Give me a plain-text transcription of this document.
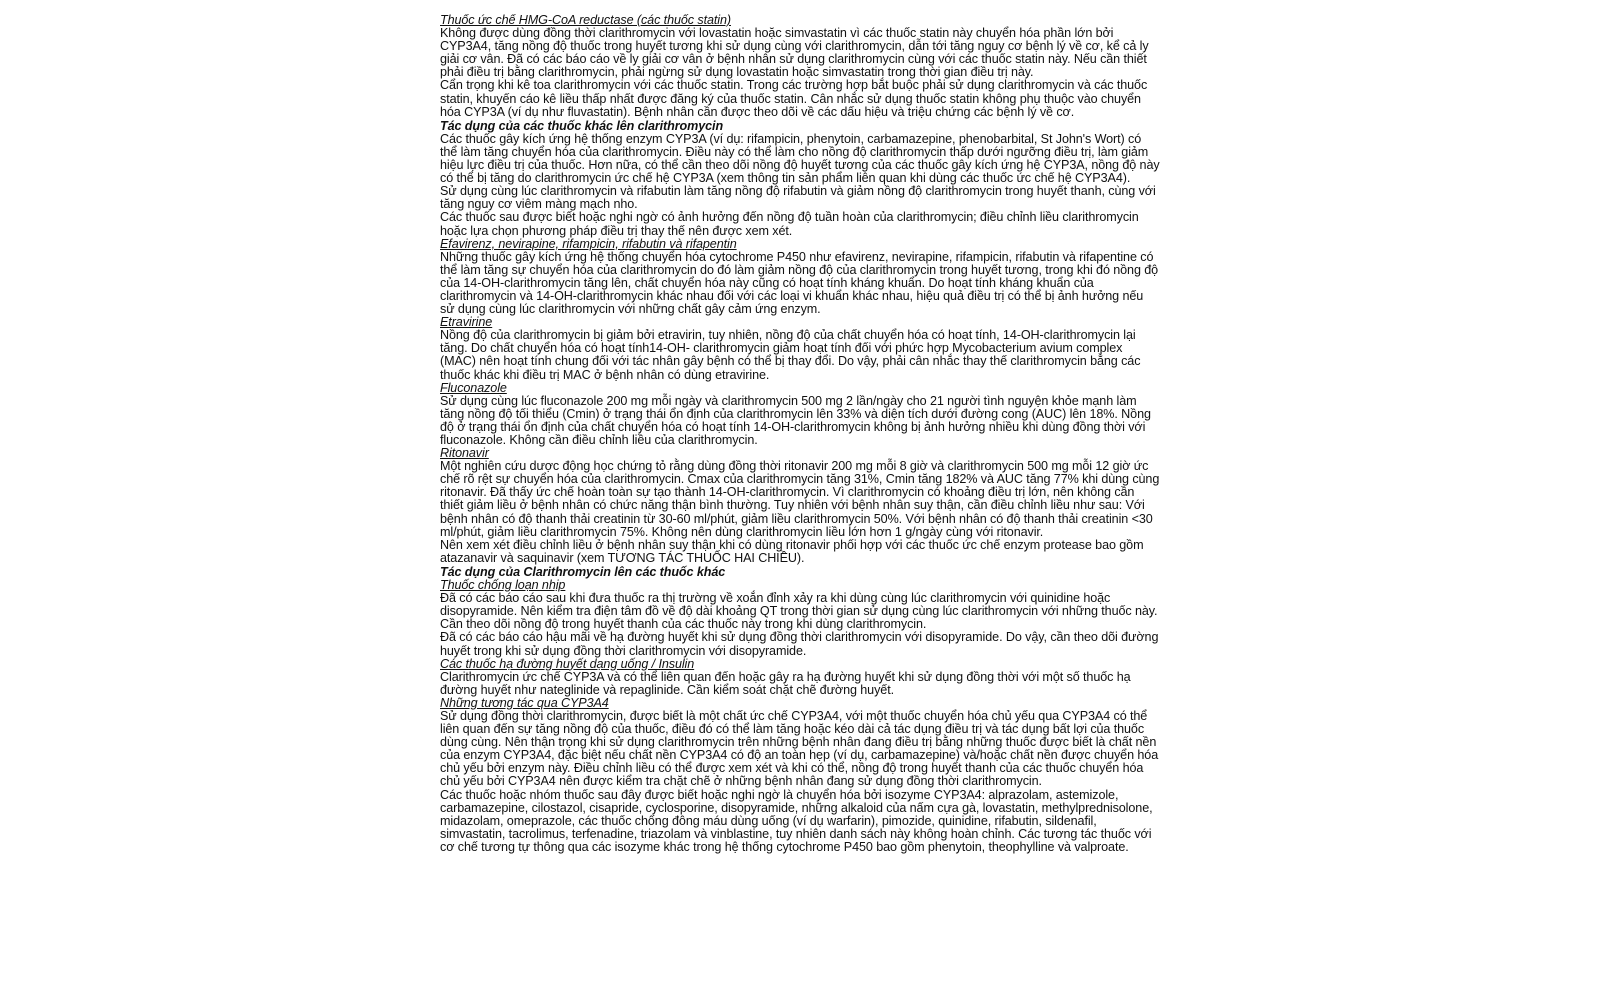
Thuốc ức chế HMG-CoA reductase (các thuốc statin)

Không được dùng đồng thời clarithromycin với lovastatin hoặc simvastatin vì các thuốc statin này chuyển hóa phần lớn bởi CYP3A4, tăng nồng độ thuốc trong huyết tương khi sử dụng cùng với clarithromycin, dẫn tới tăng nguy cơ bệnh lý về cơ, kể cả ly giải cơ vân. Đã có các báo cáo về ly giải cơ vân ở bệnh nhân sử dụng clarithromycin cùng với các thuốc statin này. Nếu cần thiết phải điều trị bằng clarithromycin, phải ngừng sử dụng lovastatin hoặc simvastatin trong thời gian điều trị này.

Cẩn trọng khi kê toa clarithromycin với các thuốc statin. Trong các trường hợp bắt buộc phải sử dụng clarithromycin và các thuốc statin, khuyến cáo kê liều thấp nhất được đăng ký của thuốc statin. Cân nhắc sử dụng thuốc statin không phụ thuộc vào chuyển hóa CYP3A (ví dụ như fluvastatin). Bệnh nhân cần được theo dõi về các dấu hiệu và triệu chứng các bệnh lý về cơ.

Tác dụng của các thuốc khác lên clarithromycin

Các thuốc gây kích ứng hệ thống enzym CYP3A (ví dụ: rifampicin, phenytoin, carbamazepine, phenobarbital, St John's Wort) có thể làm tăng chuyển hóa của clarithromycin. Điều này có thể làm cho nồng độ clarithromycin thấp dưới ngưỡng điều trị, làm giảm hiệu lực điều trị của thuốc. Hơn nữa, có thể cần theo dõi nồng độ huyết tương của các thuốc gây kích ứng hệ CYP3A, nồng độ này có thể bị tăng do clarithromycin ức chế hệ CYP3A (xem thông tin sản phẩm liên quan khi dùng các thuốc ức chế hệ CYP3A4).

Sử dụng cùng lúc clarithromycin và rifabutin làm tăng nồng độ rifabutin và giảm nồng độ clarithromycin trong huyết thanh, cùng với tăng nguy cơ viêm màng mạch nho.

Các thuốc sau được biết hoặc nghi ngờ có ảnh hưởng đến nồng độ tuần hoàn của clarithromycin; điều chỉnh liều clarithromycin hoặc lựa chọn phương pháp điều trị thay thế nên được xem xét.

Efavirenz, nevirapine, rifampicin, rifabutin và rifapentin

Những thuốc gây kích ứng hệ thống chuyển hóa cytochrome P450 như efavirenz, nevirapine, rifampicin, rifabutin và rifapentine có thể làm tăng sự chuyển hóa của clarithromycin do đó làm giảm nồng độ của clarithromycin trong huyết tương, trong khi đó nồng độ của 14-OH-clarithromycin tăng lên, chất chuyển hóa này cũng có hoạt tính kháng khuẩn. Do hoạt tính kháng khuẩn của clarithromycin và 14-OH-clarithromycin khác nhau đối với các loại vi khuẩn khác nhau, hiệu quả điều trị có thể bị ảnh hưởng nếu sử dụng cùng lúc clarithromycin với những chất gây cảm ứng enzym.

Etravirine

Nồng độ của clarithromycin bị giảm bởi etravirin, tuy nhiên, nồng độ của chất chuyển hóa có hoạt tính, 14-OH-clarithromycin lại tăng. Do chất chuyển hóa có hoạt tính14-OH- clarithromycin giảm hoạt tính đối với phức hợp Mycobacterium avium complex (MAC) nên hoạt tính chung đối với tác nhân gây bệnh có thể bị thay đổi. Do vậy, phải cân nhắc thay thế clarithromycin bằng các thuốc khác khi điều trị MAC ở bệnh nhân có dùng etravirine.

Fluconazole

Sử dụng cùng lúc fluconazole 200 mg mỗi ngày và clarithromycin 500 mg 2 lần/ngày cho 21 người tình nguyện khỏe mạnh làm tăng nồng độ tối thiểu (Cmin) ở trạng thái ổn định của clarithromycin lên 33% và diện tích dưới đường cong (AUC) lên 18%. Nồng độ ở trạng thái ổn định của chất chuyển hóa có hoạt tính 14-OH-clarithromycin không bị ảnh hưởng nhiều khi dùng đồng thời với fluconazole. Không cần điều chỉnh liều của clarithromycin.

Ritonavir

Một nghiên cứu dược động học chứng tỏ rằng dùng đồng thời ritonavir 200 mg mỗi 8 giờ và clarithromycin 500 mg mỗi 12 giờ ức chế rõ rệt sự chuyển hóa của clarithromycin. Cmax của clarithromycin tăng 31%, Cmin tăng 182% và AUC tăng 77% khi dùng cùng ritonavir. Đã thấy ức chế hoàn toàn sự tạo thành 14-OH-clarithromycin. Vì clarithromycin có khoảng điều trị lớn, nên không cần thiết giảm liều ở bệnh nhân có chức năng thận bình thường. Tuy nhiên với bệnh nhân suy thận, cần điều chỉnh liều như sau: Với bệnh nhân có độ thanh thải creatinin từ 30-60 ml/phút, giảm liều clarithromycin 50%. Với bệnh nhân có độ thanh thải creatinin <30 ml/phút, giảm liều clarithromycin 75%. Không nên dùng clarithromycin liều lớn hơn 1 g/ngày cùng với ritonavir.

Nên xem xét điều chỉnh liều ở bệnh nhân suy thận khi có dùng ritonavir phối hợp với các thuốc ức chế enzym protease bao gồm atazanavir và saquinavir (xem TƯƠNG TÁC THUỐC HAI CHIỀU).

Tác dụng của Clarithromycin lên các thuốc khác
Thuốc chống loạn nhịp

Đã có các báo cáo sau khi đưa thuốc ra thị trường về xoắn đỉnh xảy ra khi dùng cùng lúc clarithromycin với quinidine hoặc disopyramide. Nên kiểm tra điện tâm đồ về độ dài khoảng QT trong thời gian sử dụng cùng lúc clarithromycin với những thuốc này. Cần theo dõi nồng độ trong huyết thanh của các thuốc này trong khi dùng clarithromycin.

Đã có các báo cáo hậu mãi về hạ đường huyết khi sử dụng đồng thời clarithromycin với disopyramide. Do vậy, cần theo dõi đường huyết trong khi sử dụng đồng thời clarithromycin với disopyramide.

Các thuốc hạ đường huyết dạng uống / Insulin

Clarithromycin ức chế CYP3A và có thể liên quan đến hoặc gây ra hạ đường huyết khi sử dụng đồng thời với một số thuốc hạ đường huyết như nateglinide và repaglinide. Cần kiểm soát chặt chẽ đường huyết.

Những tương tác qua CYP3A4

Sử dụng đồng thời clarithromycin, được biết là một chất ức chế CYP3A4, với một thuốc chuyển hóa chủ yếu qua CYP3A4 có thể liên quan đến sự tăng nồng độ của thuốc, điều đó có thể làm tăng hoặc kéo dài cả tác dụng điều trị và tác dụng bất lợi của thuốc dùng cùng. Nên thận trọng khi sử dụng clarithromycin trên những bệnh nhân đang điều trị bằng những thuốc được biết là chất nền của enzym CYP3A4, đặc biệt nếu chất nền CYP3A4 có độ an toàn hẹp (ví dụ, carbamazepine) và/hoặc chất nền được chuyển hóa chủ yếu bởi enzym này. Điều chỉnh liều có thể được xem xét và khi có thể, nồng độ trong huyết thanh của các thuốc chuyển hóa chủ yếu bởi CYP3A4 nên được kiểm tra chặt chẽ ở những bệnh nhân đang sử dụng đồng thời clarithromycin.

Các thuốc hoặc nhóm thuốc sau đây được biết hoặc nghi ngờ là chuyển hóa bởi isozyme CYP3A4: alprazolam, astemizole, carbamazepine, cilostazol, cisapride, cyclosporine, disopyramide, những alkaloid của nấm cựa gà, lovastatin, methylprednisolone, midazolam, omeprazole, các thuốc chống đông máu dùng uống (ví dụ warfarin), pimozide, quinidine, rifabutin, sildenafil, simvastatin, tacrolimus, terfenadine, triazolam và vinblastine, tuy nhiên danh sách này không hoàn chỉnh. Các tương tác thuốc với cơ chế tương tự thông qua các isozyme khác trong hệ thống cytochrome P450 bao gồm phenytoin, theophylline và valproate.
